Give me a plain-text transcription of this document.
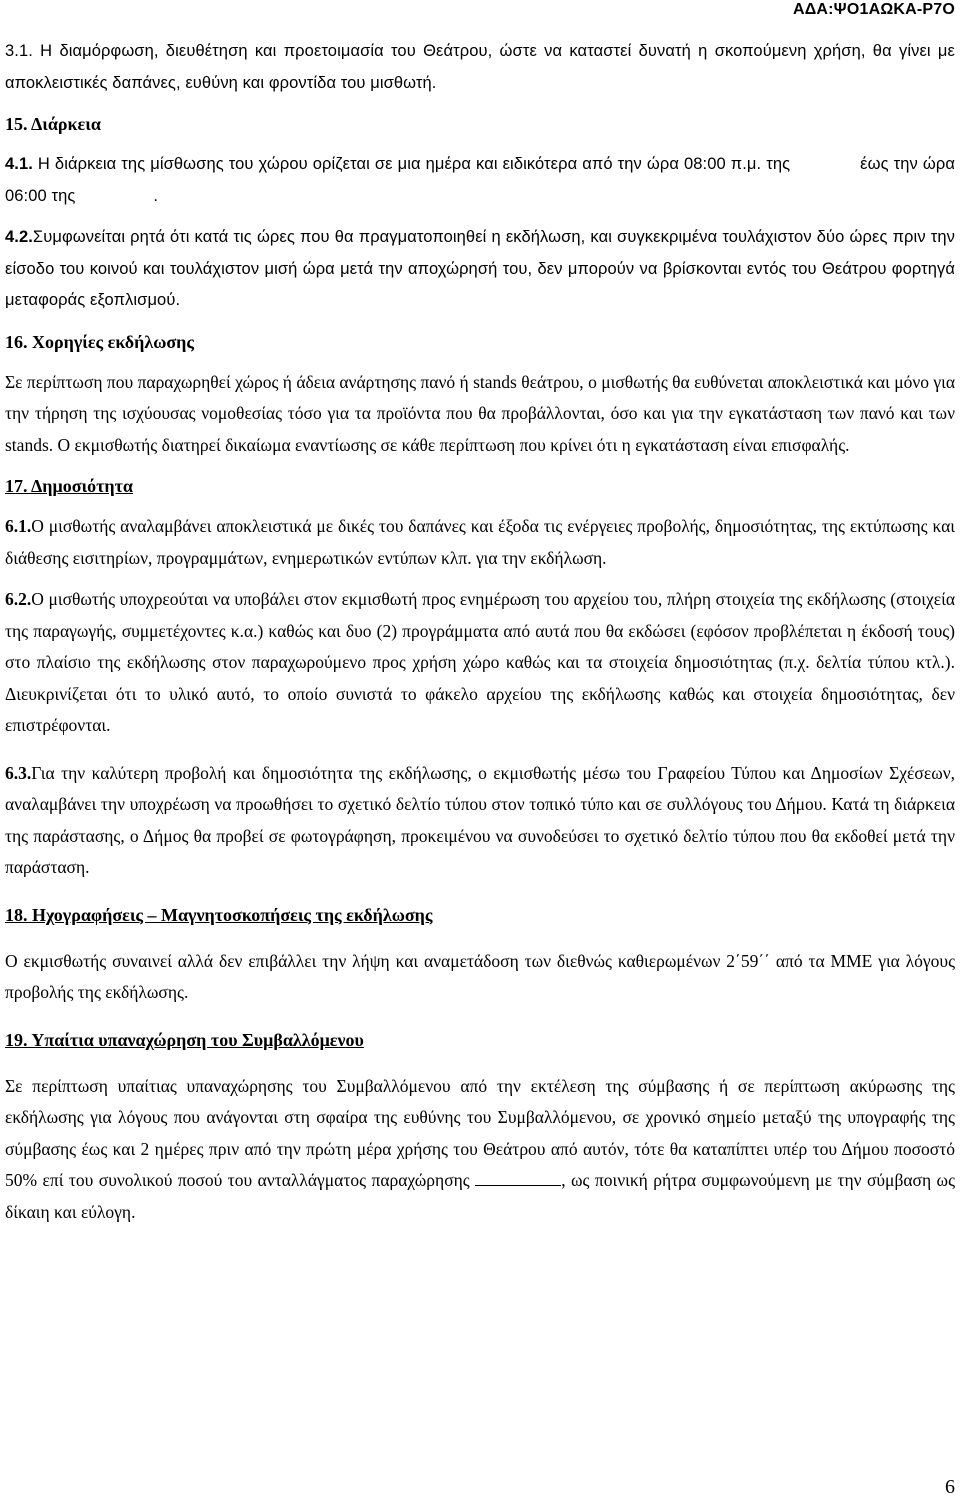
ΑΔΑ:ΨΟ1ΑΩΚΑ-Ρ7Ο

3.1. Η διαμόρφωση, διευθέτηση και προετοιμασία του Θεάτρου, ώστε να καταστεί δυνατή η σκοπούμενη χρήση, θα γίνει με αποκλειστικές δαπάνες, ευθύνη και φροντίδα του μισθωτή.

15. Διάρκεια

4.1. Η διάρκεια της μίσθωσης του χώρου ορίζεται σε μια ημέρα και ειδικότερα από την ώρα 08:00 π.μ. της	έως την ώρα 06:00 της	.

4.2.Συμφωνείται ρητά ότι κατά τις ώρες που θα πραγματοποιηθεί η εκδήλωση, και συγκεκριμένα τουλάχιστον δύο ώρες πριν την είσοδο του κοινού και τουλάχιστον μισή ώρα μετά την αποχώρησή του, δεν μπορούν να βρίσκονται εντός του Θεάτρου φορτηγά μεταφοράς εξοπλισμού.

16. Χορηγίες εκδήλωσης

Σε περίπτωση που παραχωρηθεί χώρος ή άδεια ανάρτησης πανό ή stands θεάτρου, ο μισθωτής θα ευθύνεται αποκλειστικά και μόνο για την τήρηση της ισχύουσας νομοθεσίας τόσο για τα προϊόντα που θα προβάλλονται, όσο και για την εγκατάσταση των πανό και των stands. Ο εκμισθωτής διατηρεί δικαίωμα εναντίωσης σε κάθε περίπτωση που κρίνει ότι η εγκατάσταση είναι επισφαλής.

17. Δημοσιότητα

6.1.Ο μισθωτής αναλαμβάνει αποκλειστικά με δικές του δαπάνες και έξοδα τις ενέργειες προβολής, δημοσιότητας, της εκτύπωσης και διάθεσης εισιτηρίων, προγραμμάτων, ενημερωτικών εντύπων κλπ. για την εκδήλωση.

6.2.Ο μισθωτής υποχρεούται να υποβάλει στον εκμισθωτή προς ενημέρωση του αρχείου του, πλήρη στοιχεία της εκδήλωσης (στοιχεία της παραγωγής, συμμετέχοντες κ.α.) καθώς και δυο (2) προγράμματα από αυτά που θα εκδώσει (εφόσον προβλέπεται η έκδοσή τους) στο πλαίσιο της εκδήλωσης στον παραχωρούμενο προς χρήση χώρο καθώς και τα στοιχεία δημοσιότητας (π.χ. δελτία τύπου κτλ.). Διευκρινίζεται ότι το υλικό αυτό, το οποίο συνιστά το φάκελο αρχείου της εκδήλωσης καθώς και στοιχεία δημοσιότητας, δεν επιστρέφονται.

6.3.Για την καλύτερη προβολή και δημοσιότητα της εκδήλωσης, ο εκμισθωτής μέσω του Γραφείου Τύπου και Δημοσίων Σχέσεων, αναλαμβάνει την υποχρέωση να προωθήσει το σχετικό δελτίο τύπου στον τοπικό τύπο και σε συλλόγους του Δήμου. Κατά τη διάρκεια της παράστασης, ο Δήμος θα προβεί σε φωτογράφηση, προκειμένου να συνοδεύσει το σχετικό δελτίο τύπου που θα εκδοθεί μετά την παράσταση.

18. Ηχογραφήσεις – Μαγνητοσκοπήσεις της εκδήλωσης

Ο εκμισθωτής συναινεί αλλά δεν επιβάλλει την λήψη και αναμετάδοση των διεθνώς καθιερωμένων 2΄59΄΄ από τα ΜΜΕ για λόγους προβολής της εκδήλωσης.

19. Υπαίτια υπαναχώρηση του Συμβαλλόμενου

Σε περίπτωση υπαίτιας υπαναχώρησης του Συμβαλλόμενου από την εκτέλεση της σύμβασης ή σε περίπτωση ακύρωσης της εκδήλωσης για λόγους που ανάγονται στη σφαίρα της ευθύνης του Συμβαλλόμενου, σε χρονικό σημείο μεταξύ της υπογραφής της σύμβασης έως και 2 ημέρες πριν από την πρώτη μέρα χρήσης του Θεάτρου από αυτόν, τότε θα καταπίπτει υπέρ του Δήμου ποσοστό 50% επί του συνολικού ποσού του ανταλλάγματος παραχώρησης	, ως ποινική ρήτρα συμφωνούμενη με την σύμβαση ως δίκαιη και εύλογη.

6
